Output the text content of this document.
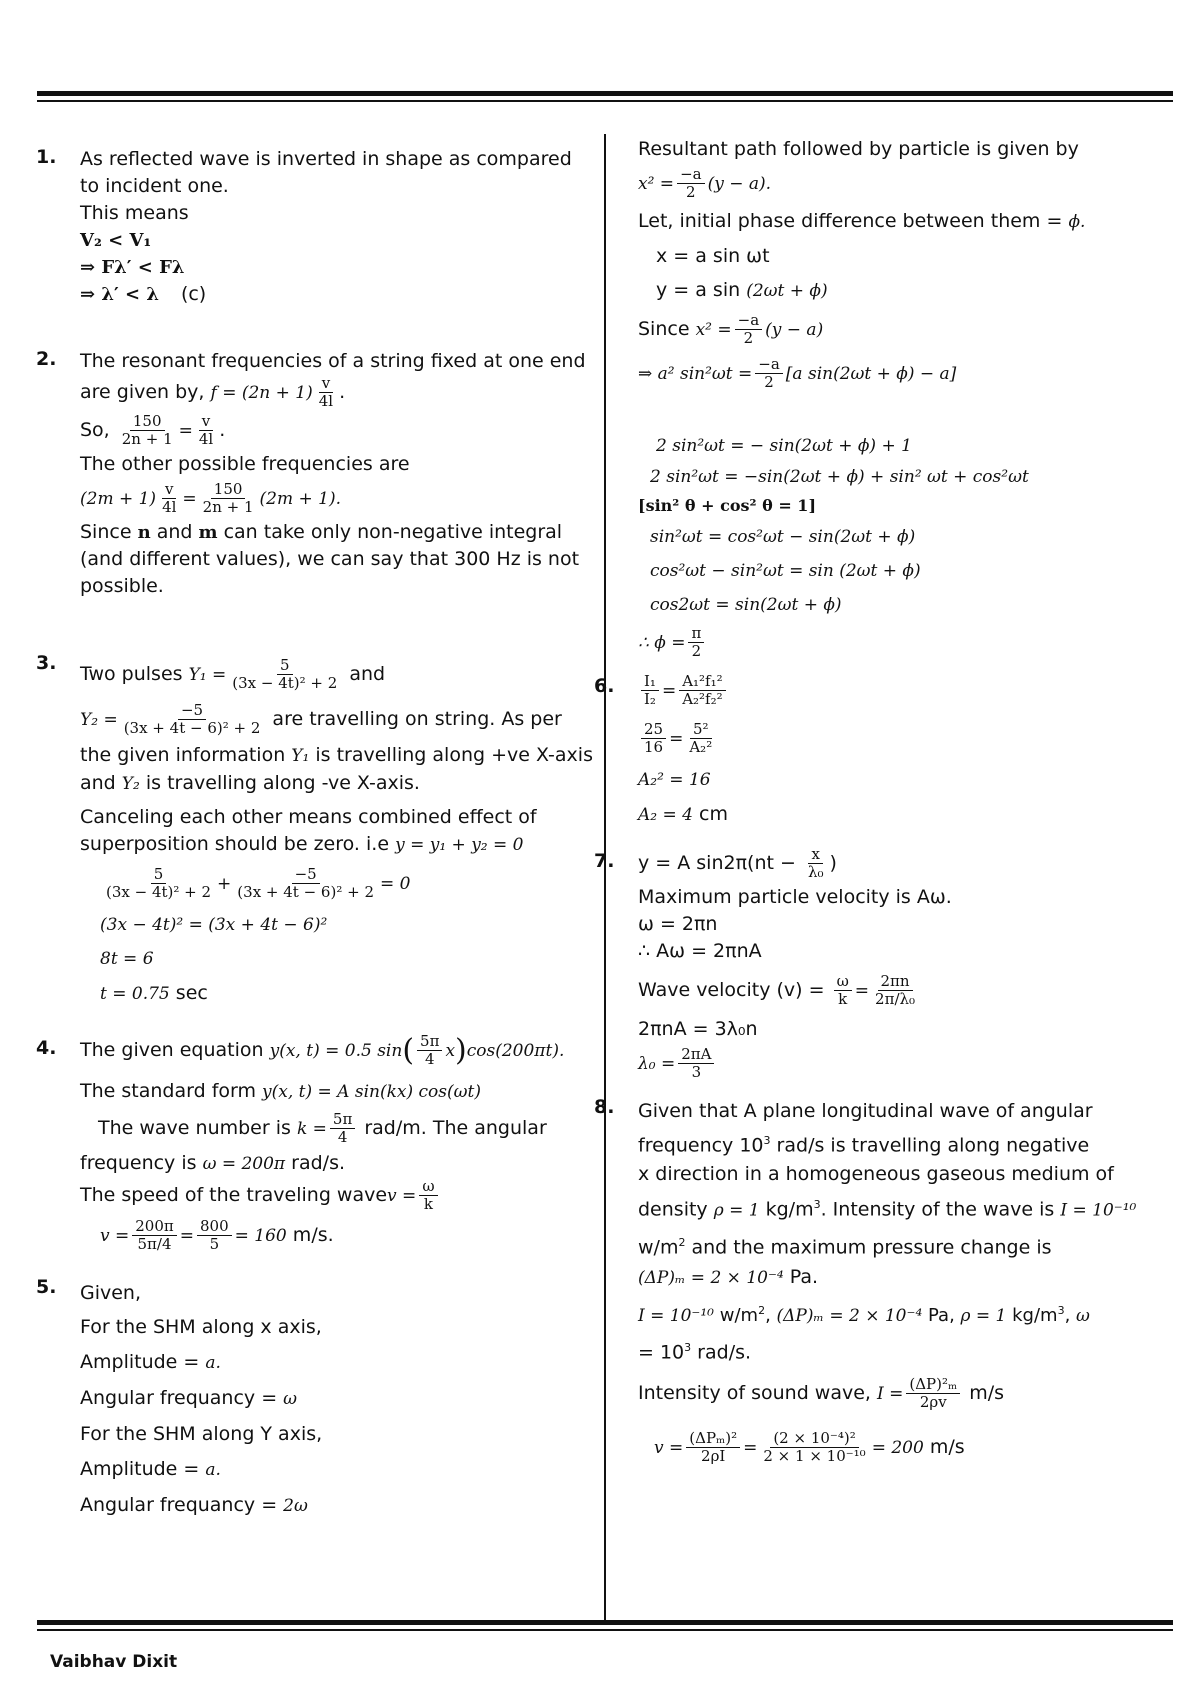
1. As reflected wave is inverted in shape as compared
to incident one.
This means
V₂ < V₁
⇒ Fλ′ < Fλ
⇒ λ′ < λ (c)
2. The resonant frequencies of a string fixed at one end
are given by, $f = (2n + 1) \frac{v}{4l}$ .
So, $\frac{150}{2n + 1} = \frac{v}{4l}$ .
The other possible frequencies are
$(2m + 1) \frac{v}{4l} = \frac{150}{2n + 1} (2m + 1)$.
Since n and m can take only non-negative integral
(and different values), we can say that 300 Hz is not
possible.
3. Two pulses $Y_1 = \frac{5}{\text{(3x − 4t)² + 2}}$ and
$Y_2 = \frac{-5}{\text{(3x + 4t − 6)² + 2}}$ are travelling on string. As per
the given information Y₁ is travelling along +ve X-axis
and Y₂ is travelling along -ve X-axis.
Canceling each other means combined effect of
superposition should be zero. i.e y = y₁ + y₂ = 0
$\frac{5}{\text{(3x − 4t)² + 2}} + \frac{-5}{\text{(3x + 4t − 6)² + 2}} = 0$
(3x − 4t)² = (3x + 4t − 6)²
8t = 6
t = 0.75 sec
4. The given equation y(x, t) = 0.5 $\sin( \frac{5\pi}{4} x)\cos(200\pi t)$.
The standard form y(x, t) = A sin(kx) cos(ωt)
The wave number is $k = \frac{5\pi}{4} rad/m$. The angular
frequency is ω = 200π rad/s.
The speed of the traveling wavev = $\frac{\omega}{k}$
$v = \frac{200\pi}{5\pi/4} = \frac{800}{5} = 160$ m/s.
5. Given,
For the SHM along x axis,
Amplitude = a.
Angular frequancy = ω
For the SHM along Y axis,
Amplitude = a.
Angular frequancy = 2ω
Resultant path followed by particle is given by
$x^2 = \frac{-a}{2} (y - a)$.
Let, initial phase difference between them = ϕ.
x = a sin ωt
y = a sin (2ωt + ϕ)
Since $x^2 = \frac{-a}{2} (y - a)$
⇒ a² $\sin^2\omega t = \frac{-a}{2} [a$ sin(2ωt + ϕ) − a]
2 sin²ωt = − sin(2ωt + ϕ) + 1
2 sin²ωt = −sin(2ωt + ϕ) + sin² ωt + cos²ωt
[sin² θ + cos² θ = 1]
sin²ωt = cos²ωt − sin(2ωt + ϕ)
cos²ωt − sin²ωt = sin (2ωt + ϕ)
cos2ωt = sin(2ωt + ϕ)
∴ $\phi = \frac{\pi}{2}$
6. $\frac{\text{I₁}}{\text{I₂}} = \frac{\text{A₁²f₁²}}{\text{A₂²f₂²}}$
$\frac{25}{16} = \frac{\text{5²}}{\text{A₂²}}$
A₂² = 16
A₂ = 4 cm
7. y = A $\sin 2\pi(nt - \frac{x}{\text{λ₀}}$ )
Maximum particle velocity is Aω.
ω = 2πn
∴ Aω = 2πnA
Wave velocity $(v) = \frac{\omega}{k} = \frac{2\pi n}{\text{2π/λ₀}}$
2πnA = 3λ₀n
$\lambda_0 = \frac{2\pi A}{3}$
8. Given that A plane longitudinal wave of angular
frequency $10^3$ rad/s is travelling along negative
x direction in a homogeneous gaseous medium of
density ρ = 1 $kg/m^3$. Intensity of the wave is I = 10⁻¹⁰
$w/m^2$ and the maximum pressure change is
(ΔP)ₘ = 2 × 10⁻⁴ Pa.
I = 10⁻¹⁰ $w/m^2$, (ΔP)ₘ = 2 × 10⁻⁴ Pa, ρ = 1 $kg/m^3$, ω
= $10^3$ rad/s.
Intensity of sound wave, $I = \frac{\text{(ΔP)²ₘ}}{2\rho v} m/s$
$v = \frac{\text{(ΔPₘ)²}}{2\rho I} = \frac{\text{(2 × 10⁻⁴)²}}{\text{2 × 1 × 10⁻¹⁰}} = 200$ m/s
Vaibhav Dixit
